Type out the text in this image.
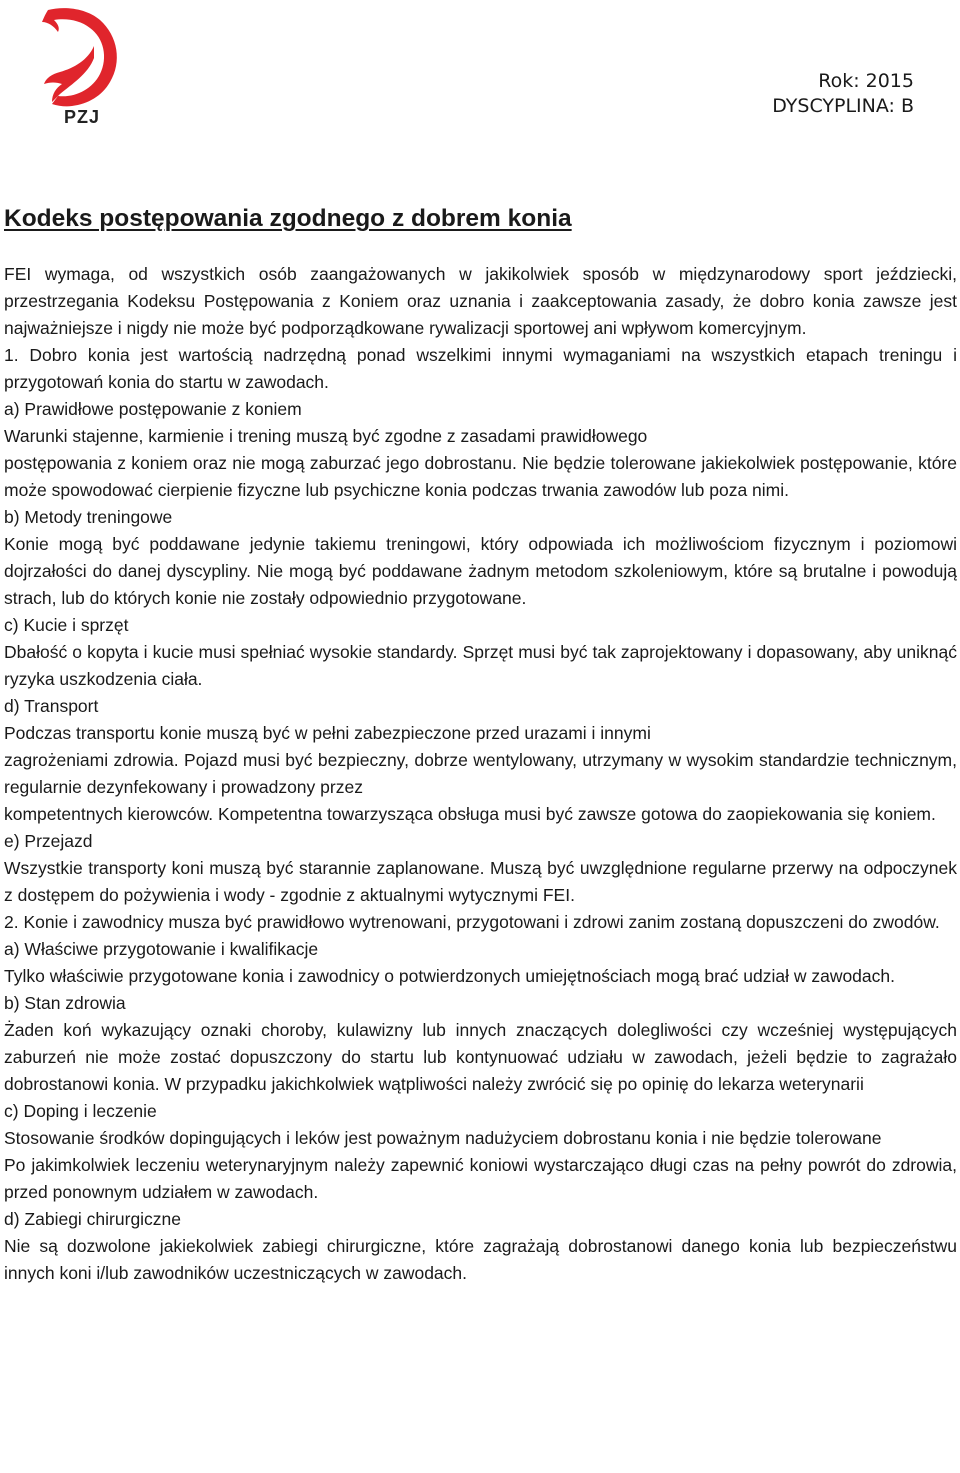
PZJ
Rok: 2015
DYSCYPLINA: B
Kodeks postępowania zgodnego z dobrem konia

FEI wymaga, od wszystkich osób zaangażowanych w jakikolwiek sposób w międzynarodowy sport jeździecki, przestrzegania Kodeksu Postępowania z Koniem oraz uznania i zaakceptowania zasady, że dobro konia zawsze jest najważniejsze i nigdy nie może być podporządkowane rywalizacji sportowej ani wpływom komercyjnym.

1. Dobro konia jest wartością nadrzędną ponad wszelkimi innymi wymaganiami na wszystkich etapach treningu i przygotowań konia do startu w zawodach.

a) Prawidłowe postępowanie z koniem

Warunki stajenne, karmienie i trening muszą być zgodne z zasadami prawidłowego

postępowania z koniem oraz nie mogą zaburzać jego dobrostanu. Nie będzie tolerowane jakiekolwiek postępowanie, które może spowodować cierpienie fizyczne lub psychiczne konia podczas trwania zawodów lub poza nimi.

b) Metody treningowe

Konie mogą być poddawane jedynie takiemu treningowi, który odpowiada ich możliwościom fizycznym i poziomowi dojrzałości do danej dyscypliny. Nie mogą być poddawane żadnym metodom szkoleniowym, które są brutalne i powodują strach, lub do których konie nie zostały odpowiednio przygotowane.

c) Kucie i sprzęt

Dbałość o kopyta i kucie musi spełniać wysokie standardy. Sprzęt musi być tak zaprojektowany i dopasowany, aby uniknąć ryzyka uszkodzenia ciała.

d) Transport

Podczas transportu konie muszą być w pełni zabezpieczone przed urazami i innymi

zagrożeniami zdrowia. Pojazd musi być bezpieczny, dobrze wentylowany, utrzymany w wysokim standardzie technicznym, regularnie dezynfekowany i prowadzony przez

kompetentnych kierowców. Kompetentna towarzysząca obsługa musi być zawsze gotowa do zaopiekowania się koniem.

e) Przejazd

Wszystkie transporty koni muszą być starannie zaplanowane. Muszą być uwzględnione regularne przerwy na odpoczynek z dostępem do pożywienia i wody - zgodnie z aktualnymi wytycznymi FEI.

2. Konie i zawodnicy musza być prawidłowo wytrenowani, przygotowani i zdrowi zanim zostaną dopuszczeni do zwodów.

a) Właściwe przygotowanie i kwalifikacje

Tylko właściwie przygotowane konia i zawodnicy o potwierdzonych umiejętnościach mogą brać udział w zawodach.

b) Stan zdrowia

Żaden koń wykazujący oznaki choroby, kulawizny lub innych znaczących dolegliwości czy wcześniej występujących zaburzeń nie może zostać dopuszczony do startu lub kontynuować udziału w zawodach, jeżeli będzie to zagrażało dobrostanowi konia. W przypadku jakichkolwiek wątpliwości należy zwrócić się po opinię do lekarza weterynarii

c) Doping i leczenie

Stosowanie środków dopingujących i leków jest poważnym nadużyciem dobrostanu konia i nie będzie tolerowane

Po jakimkolwiek leczeniu weterynaryjnym należy zapewnić koniowi wystarczająco długi czas na pełny powrót do zdrowia, przed ponownym udziałem w zawodach.

d) Zabiegi chirurgiczne

Nie są dozwolone jakiekolwiek zabiegi chirurgiczne, które zagrażają dobrostanowi danego konia lub bezpieczeństwu innych koni i/lub zawodników uczestniczących w zawodach.
